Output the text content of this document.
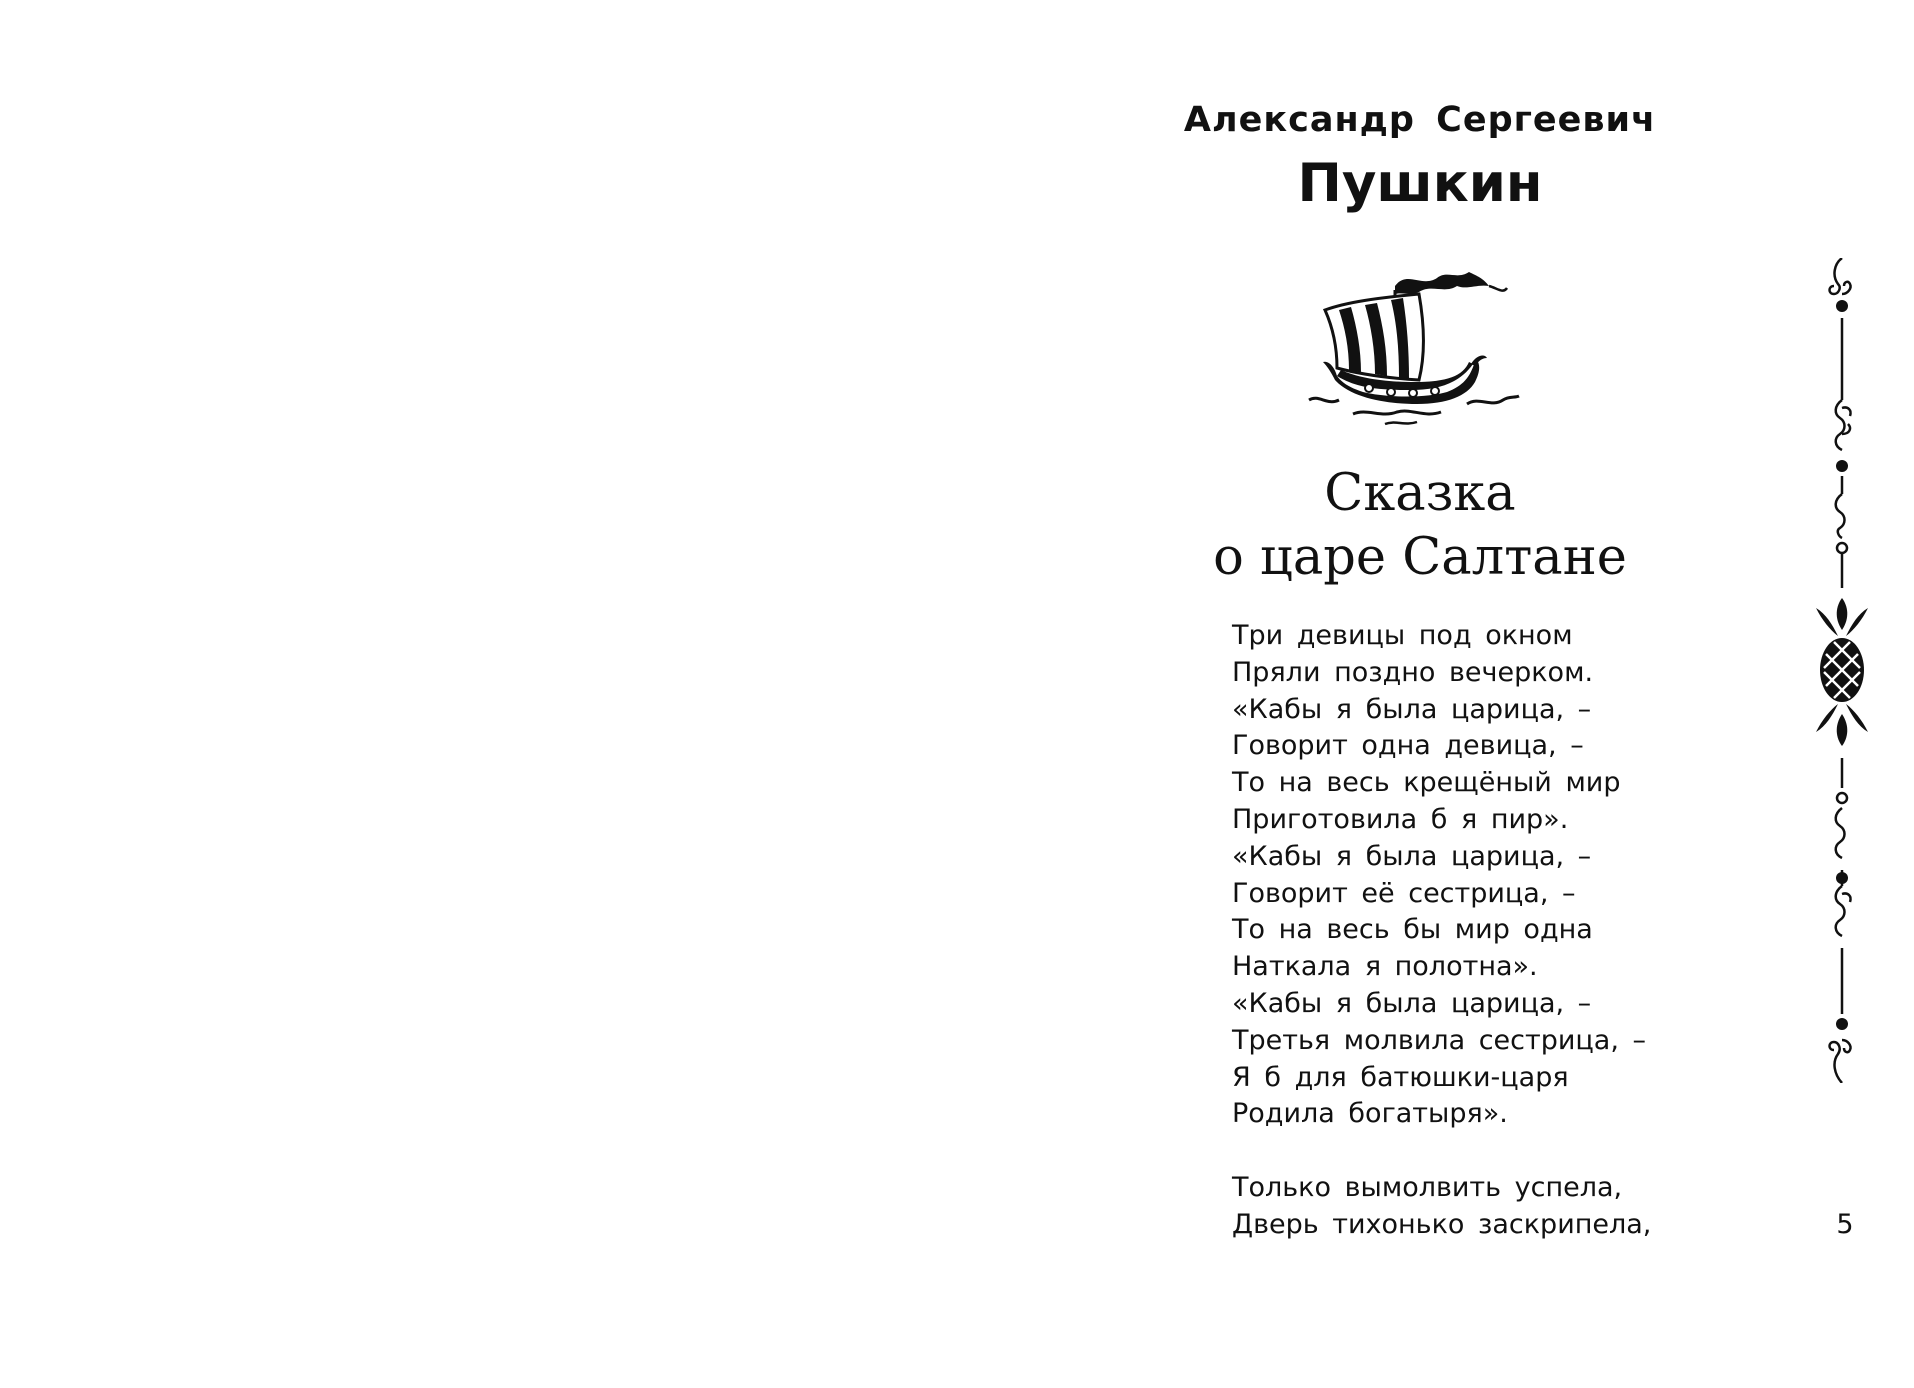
Александр Сергеевич
Пушкин
Сказка
о царе Салтане
Три девицы под окном
Пряли поздно вечерком.
«Кабы я была царица, –
Говорит одна девица, –
То на весь крещёный мир
Приготовила б я пир».
«Кабы я была царица, –
Говорит её сестрица, –
То на весь бы мир одна
Наткала я полотна».
«Кабы я была царица, –
Третья молвила сестрица, –
Я б для батюшки-царя
Родила богатыря».
Только вымолвить успела,
Дверь тихонько заскрипела,	5
